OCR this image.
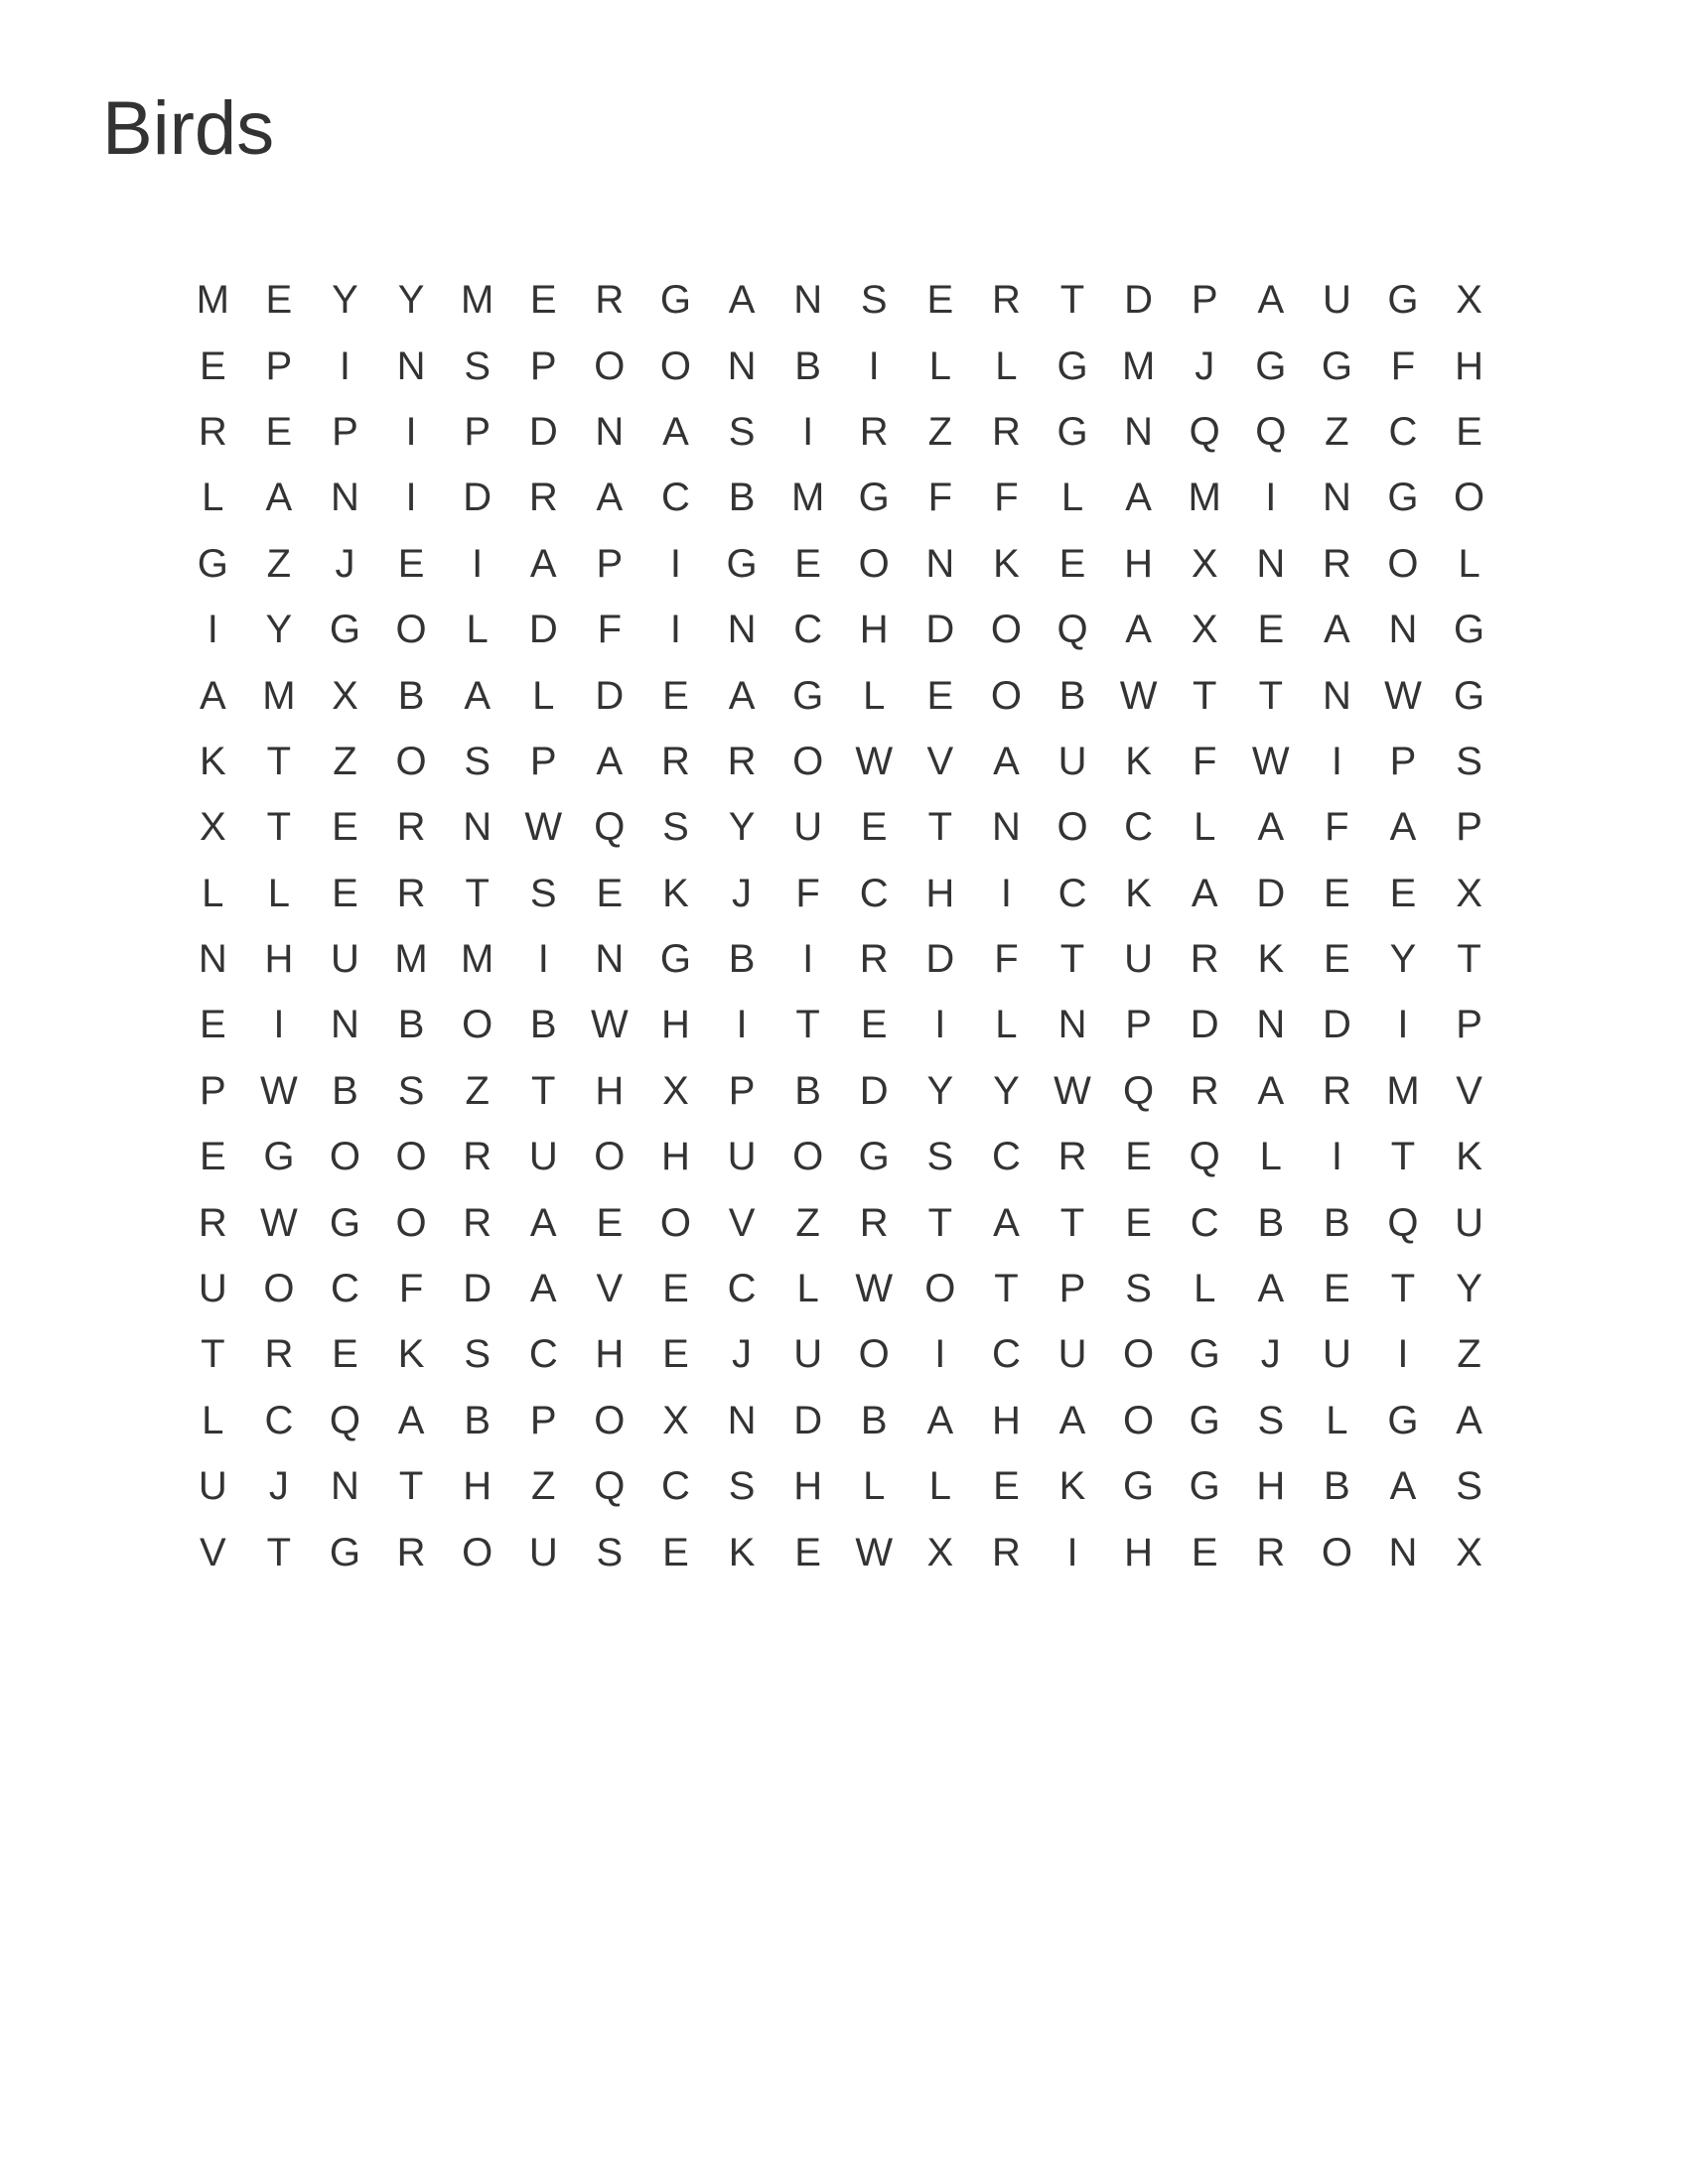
Birds
M E Y Y M E R G A N S E R T D P A U G X
E P	I	N S P O O N B	I	L	L G M J	G G F H
R E P	I	P D N A S	I	R Z R G N Q Q Z C E
L	A N	I	D R A C B M G F	F	L	A M	I	N G O
G Z	J	E	I	A P	I	G E O N K E H X N R O L
I	Y G O L	D F	I	N C H D O Q A X E A N G
A M X B A	L	D E A G L	E O B W T	T N W G
K	T	Z O S P A R R O W V A U K	F W	I	P S
X	T	E R N W Q S Y U E	T N O C	L	A	F	A P
L	L	E R T	S E K	J	F C H	I	C K A D E E X
N H U M M	I	N G B	I	R D F	T U R K E Y	T
E	I	N B O B W H	I	T	E	I	L	N P D N D	I	P
P W B S	Z	T H X P B D Y Y W Q R A R M V
E G O O R U O H U O G S C R E Q L	I	T	K
R W G O R A E O V	Z R T	A	T	E C B B Q U
U O C F D A V E C	L W O T	P S	L	A E	T	Y
T R E K S C H E	J	U O	I	C U O G	J	U	I	Z
L	C Q A B P O X N D B A H A O G S	L G A
U	J	N T H Z Q C S H	L	L	E K G G H B A S
V	T G R O U S E K E W X R	I	H E R O N X
